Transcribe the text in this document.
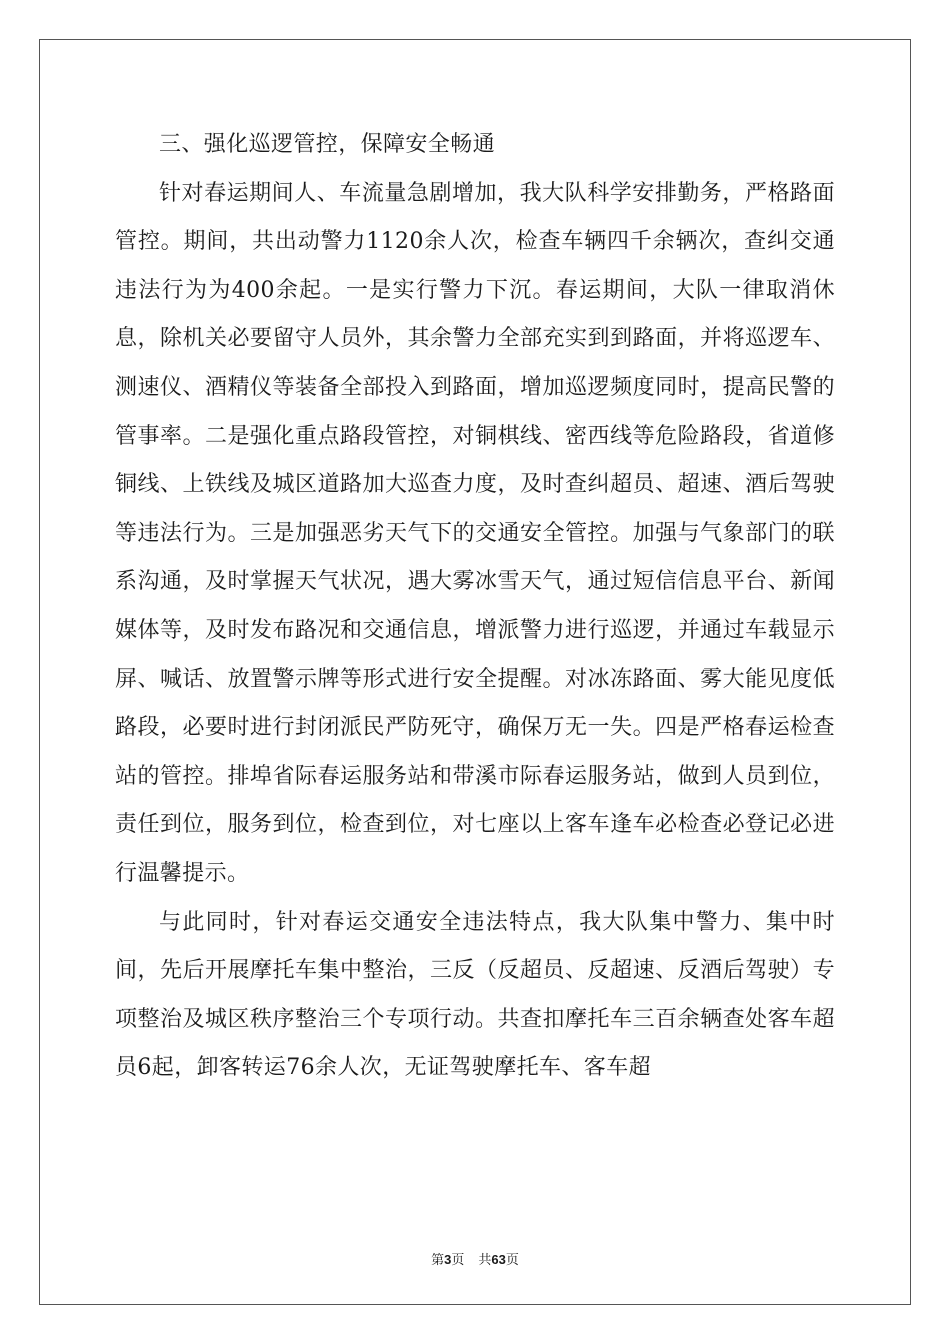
三、强化巡逻管控，保障安全畅通

针对春运期间人、车流量急剧增加，我大队科学安排勤务，严格路面管控。期间，共出动警力1120余人次，检查车辆四千余辆次，查纠交通违法行为为400余起。一是实行警力下沉。春运期间，大队一律取消休息，除机关必要留守人员外，其余警力全部充实到到路面，并将巡逻车、测速仪、酒精仪等装备全部投入到路面，增加巡逻频度同时，提高民警的管事率。二是强化重点路段管控，对铜棋线、密西线等危险路段，省道修铜线、上铁线及城区道路加大巡查力度，及时查纠超员、超速、酒后驾驶等违法行为。三是加强恶劣天气下的交通安全管控。加强与气象部门的联系沟通，及时掌握天气状况，遇大雾冰雪天气，通过短信信息平台、新闻媒体等，及时发布路况和交通信息，增派警力进行巡逻，并通过车载显示屏、喊话、放置警示牌等形式进行安全提醒。对冰冻路面、雾大能见度低路段，必要时进行封闭派民严防死守，确保万无一失。四是严格春运检查站的管控。排埠省际春运服务站和带溪市际春运服务站，做到人员到位，责任到位，服务到位，检查到位，对七座以上客车逢车必检查必登记必进行温馨提示。

与此同时，针对春运交通安全违法特点，我大队集中警力、集中时间，先后开展摩托车集中整治，三反（反超员、反超速、反酒后驾驶）专项整治及城区秩序整治三个专项行动。共查扣摩托车三百余辆查处客车超员6起，卸客转运76余人次，无证驾驶摩托车、客车超

第3页 共63页
